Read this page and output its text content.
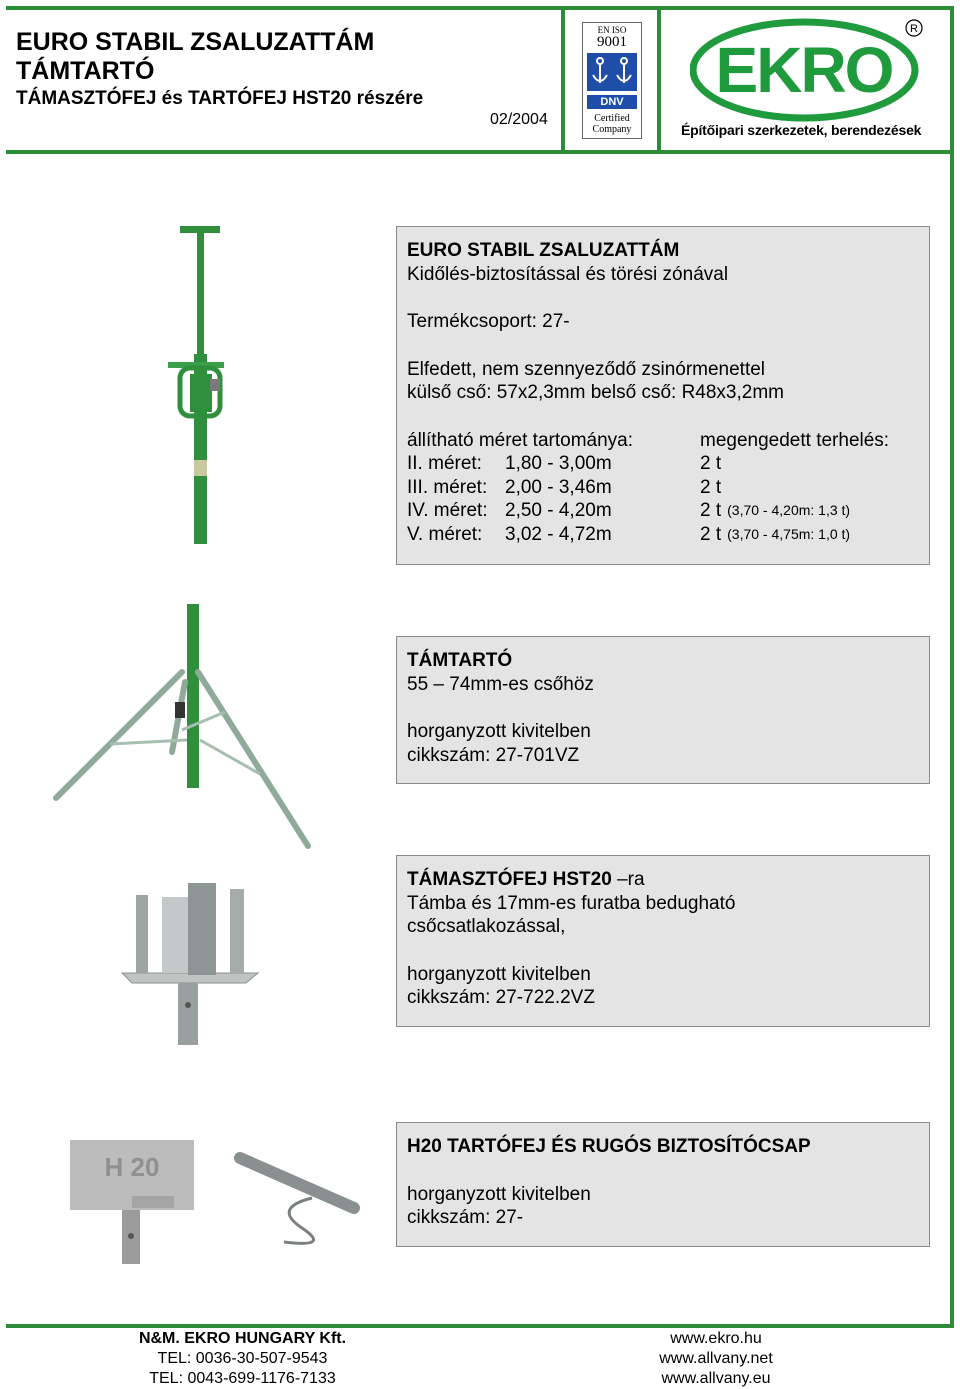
EURO STABIL ZSALUZATTÁM
TÁMTARTÓ
TÁMASZTÓFEJ és TARTÓFEJ HST20 részére
02/2004
EN ISO
9001
DNV
Certified
Company
EKRO
R
Építőipari szerkezetek, berendezések
H 20
EURO STABIL ZSALUZATTÁM
Kidőlés-biztosítással és törési zónával
Termékcsoport: 27-
Elfedett, nem szennyeződő zsinórmenettel
külső cső: 57x2,3mm belső cső: R48x3,2mm
állítható méret tartománya:	megengedett terhelés:
II. méret:	1,80 - 3,00m	2 t
III. méret: 2,00 - 3,46m	2 t
IV. méret: 2,50 - 4,20m	2 t (3,70 - 4,20m: 1,3 t)
V. méret:	3,02 - 4,72m	2 t (3,70 - 4,75m: 1,0 t)
TÁMTARTÓ
55 – 74mm-es csőhöz
horganyzott kivitelben
cikkszám: 27-701VZ
TÁMASZTÓFEJ HST20 –ra
Támba és 17mm-es furatba bedugható
csőcsatlakozással,
horganyzott kivitelben
cikkszám: 27-722.2VZ
H20 TARTÓFEJ ÉS RUGÓS BIZTOSÍTÓCSAP
horganyzott kivitelben
cikkszám: 27-
N&M. EKRO HUNGARY Kft.
TEL: 0036-30-507-9543
TEL: 0043-699-1176-7133
www.ekro.hu
www.allvany.net
www.allvany.eu
